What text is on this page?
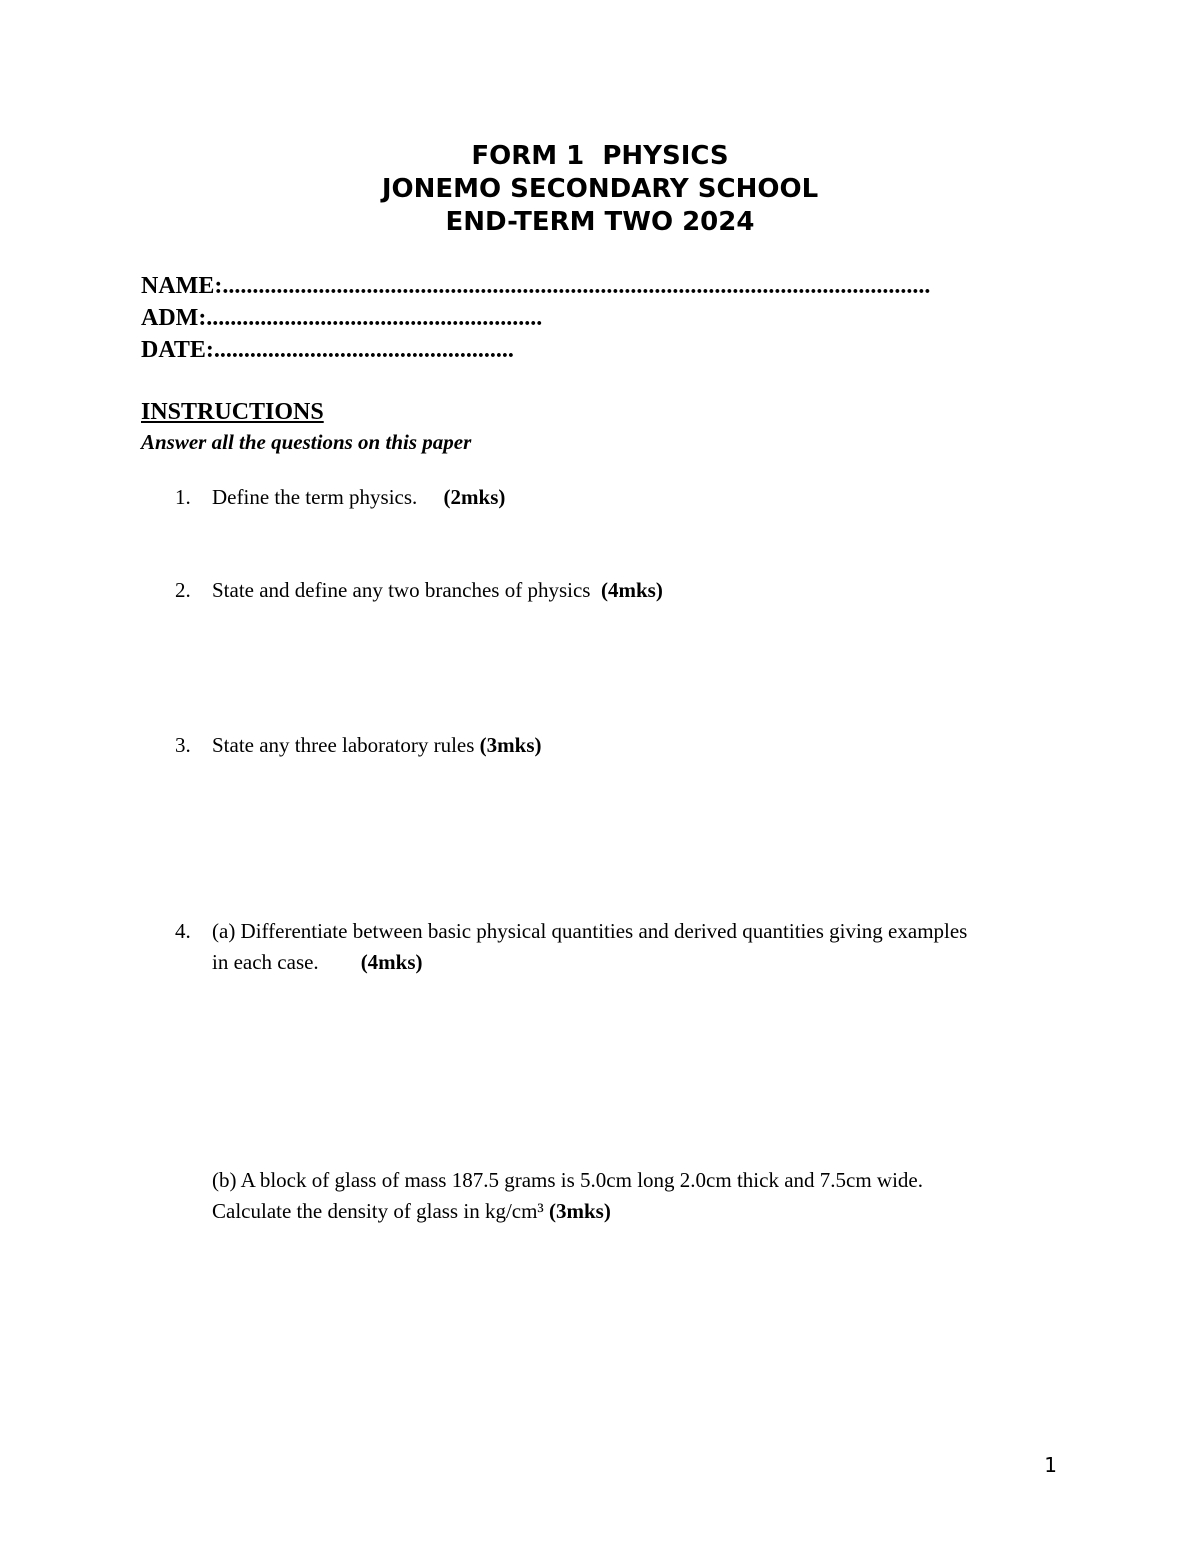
FORM 1  PHYSICS
JONEMO SECONDARY SCHOOL
END-TERM TWO 2024
NAME:......................................................................................................................
ADM:........................................................
DATE:..................................................
INSTRUCTIONS
Answer all the questions on this paper
1. Define the term physics.     (2mks)
2. State and define any two branches of physics  (4mks)
3. State any three laboratory rules (3mks)
4. (a) Differentiate between basic physical quantities and derived quantities giving examples
in each case.        (4mks)
(b) A block of glass of mass 187.5 grams is 5.0cm long 2.0cm thick and 7.5cm wide.
Calculate the density of glass in kg/cm³ (3mks)
1
